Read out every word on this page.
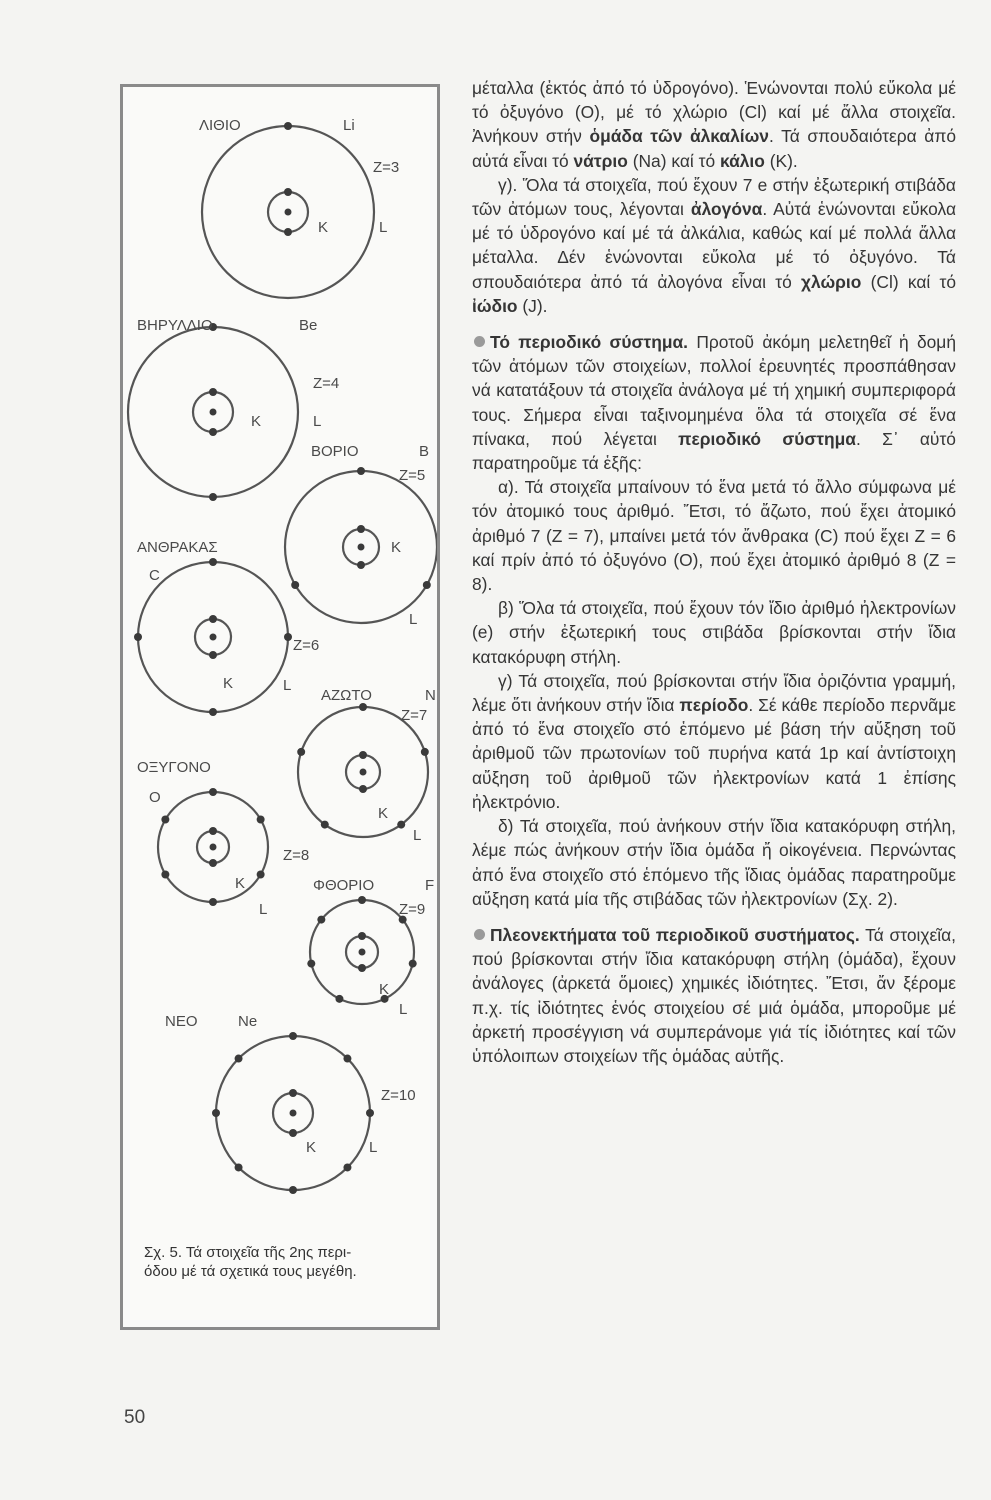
ΛΙΘΙΟ	Li
Z=3
K	L
ΒΗΡΥΛΛΙΟ	Be
Z=4
K	L
ΒΟΡΙΟ	B
Z=5
K
L
ΑΝΘΡΑΚΑΣ
C
Z=6
K	L
ΑΖΩΤΟ	N
Z=7
K
L
ΟΞΥΓΟΝΟ
O
Z=8
K
L
ΦΘΟΡΙΟ	F
Z=9
K
L
ΝΕΟ	Ne
Z=10
K	L
Σχ. 5. Τά στοιχεῖα τῆς 2ης περι-
όδου μέ τά σχετικά τους μεγέθη.

μέταλλα (ἐκτός ἀπό τό ὑδρογόνο). Ἑνώνονται πολύ εὔκολα μέ τό ὀξυγόνο (Ο), μέ τό χλώριο (Cl) καί μέ ἄλλα στοιχεῖα. Ἀνήκουν στήν ὁμάδα τῶν ἀλκαλίων. Τά σπουδαιότερα ἀπό αὐτά εἶναι τό νάτριο (Na) καί τό κάλιο (K).

γ). Ὅλα τά στοιχεῖα, πού ἔχουν 7 e στήν ἐξωτερική στιβάδα τῶν ἀτόμων τους, λέγονται ἀλογόνα. Αὐτά ἑνώνονται εὔκολα μέ τό ὑδρογόνο καί μέ τά ἀλκάλια, καθώς καί μέ πολλά ἄλλα μέταλλα. Δέν ἑνώνονται εὔκολα μέ τό ὀξυγόνο. Τά σπουδαιότερα ἀπό τά ἀλογόνα εἶναι τό χλώριο (Cl) καί τό ἰώδιο (J).

Τό περιοδικό σύστημα. Προτοῦ ἀκόμη μελετηθεῖ ἡ δομή τῶν ἀτόμων τῶν στοιχείων, πολλοί ἐρευνητές προσπάθησαν νά κατατάξουν τά στοιχεῖα ἀνάλογα μέ τή χημική συμπεριφορά τους. Σήμερα εἶναι ταξινομημένα ὅλα τά στοιχεῖα σέ ἕνα πίνακα, πού λέγεται περιοδικό σύστημα. Σ᾽ αὐτό παρατηροῦμε τά ἑξῆς:

α). Τά στοιχεῖα μπαίνουν τό ἕνα μετά τό ἄλλο σύμφωνα μέ τόν ἀτομικό τους ἀριθμό. Ἔτσι, τό ἄζωτο, πού ἔχει ἀτομικό ἀριθμό 7 (Ζ = 7), μπαίνει μετά τόν ἄνθρακα (C) πού ἔχει Ζ = 6 καί πρίν ἀπό τό ὀξυγόνο (Ο), πού ἔχει ἀτομικό ἀριθμό 8 (Ζ = 8).

β) Ὅλα τά στοιχεῖα, πού ἔχουν τόν ἴδιο ἀριθμό ἠλεκτρονίων (e) στήν ἐξωτερική τους στιβάδα βρίσκονται στήν ἴδια κατακόρυφη στήλη.

γ) Τά στοιχεῖα, πού βρίσκονται στήν ἴδια ὁριζόντια γραμμή, λέμε ὅτι ἀνήκουν στήν ἴδια περίοδο. Σέ κάθε περίοδο περνᾶμε ἀπό τό ἕνα στοιχεῖο στό ἑπόμενο μέ βάση τήν αὔξηση τοῦ ἀριθμοῦ τῶν πρωτονίων τοῦ πυρήνα κατά 1p καί ἀντίστοιχη αὔξηση τοῦ ἀριθμοῦ τῶν ἠλεκτρονίων κατά 1 ἐπίσης ἠλεκτρόνιο.

δ) Τά στοιχεῖα, πού ἀνήκουν στήν ἴδια κατακόρυφη στήλη, λέμε πώς ἀνήκουν στήν ἴδια ὁμάδα ἤ οἰκογένεια. Περνώντας ἀπό ἕνα στοιχεῖο στό ἑπόμενο τῆς ἴδιας ὁμάδας παρατηροῦμε αὔξηση κατά μία τῆς στιβάδας τῶν ἠλεκτρονίων (Σχ. 2).

Πλεονεκτήματα τοῦ περιοδικοῦ συστήματος. Τά στοιχεῖα, πού βρίσκονται στήν ἴδια κατακόρυφη στήλη (ὁμάδα), ἔχουν ἀνάλογες (ἀρκετά ὅμοιες) χημικές ἰδιότητες. Ἔτσι, ἄν ξέρομε π.χ. τίς ἰδιότητες ἑνός στοιχείου σέ μιά ὁμάδα, μποροῦμε μέ ἀρκετή προσέγγιση νά συμπεράνομε γιά τίς ἰδιότητες καί τῶν ὑπόλοιπων στοιχείων τῆς ὁμάδας αὐτῆς.

50
